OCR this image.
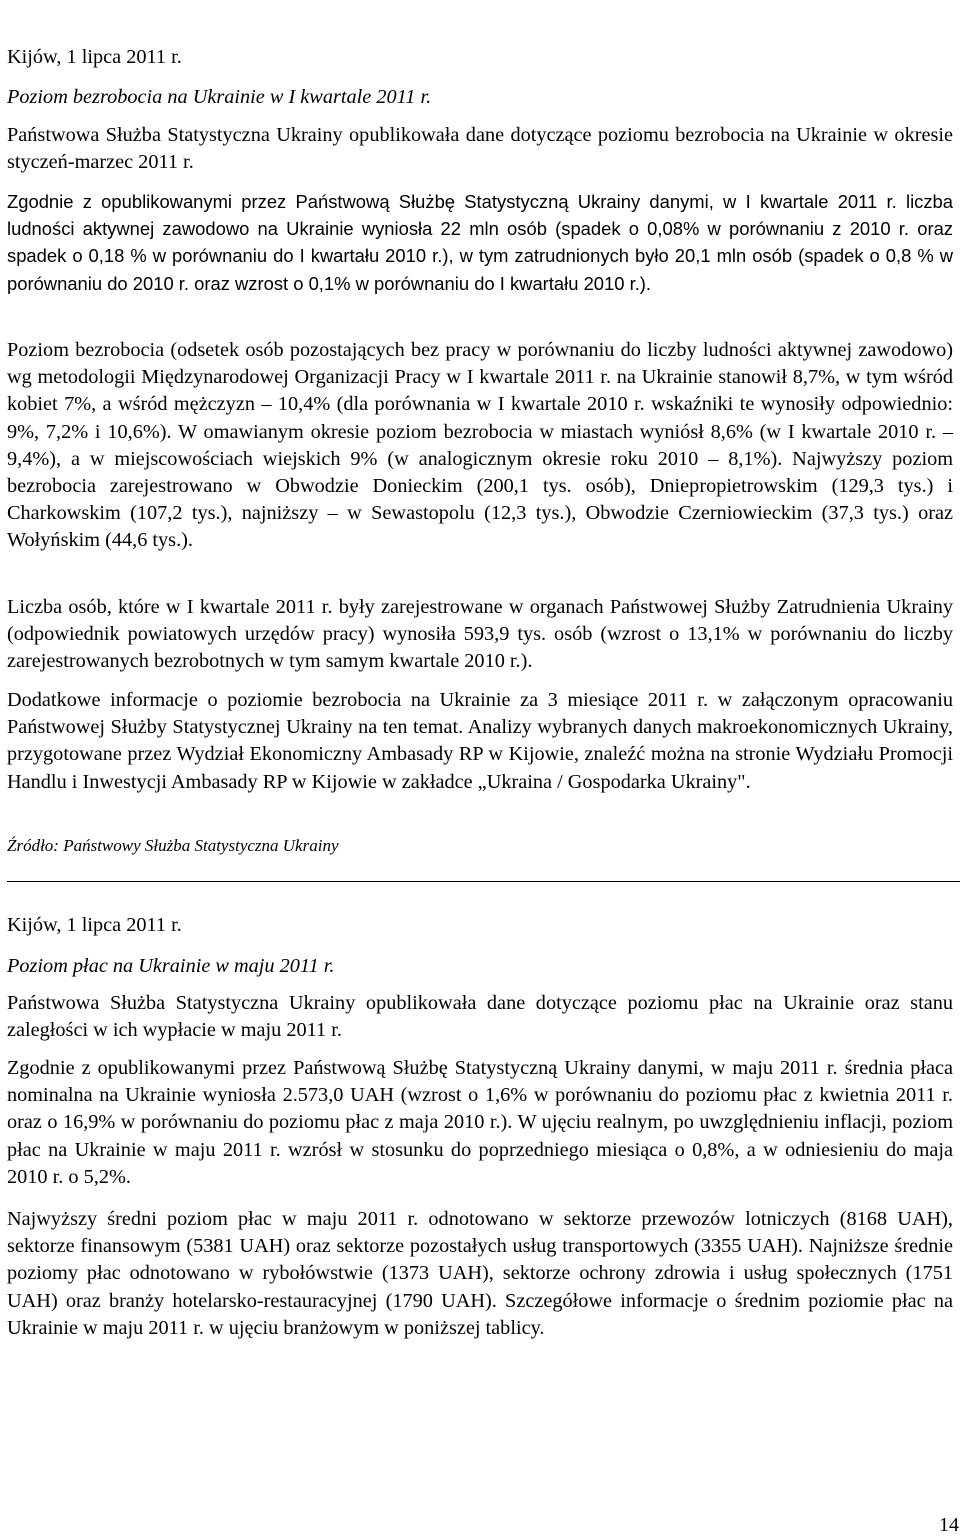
Kijów, 1 lipca 2011 r.
Poziom bezrobocia na Ukrainie w I kwartale 2011 r.
Państwowa Służba Statystyczna Ukrainy opublikowała dane dotyczące poziomu bezrobocia na Ukrainie w okresie styczeń-marzec 2011 r.
Zgodnie z opublikowanymi przez Państwową Służbę Statystyczną Ukrainy danymi, w I kwartale 2011 r. liczba ludności aktywnej zawodowo na Ukrainie wyniosła 22 mln osób (spadek o 0,08% w porównaniu z 2010 r. oraz spadek o 0,18 % w porównaniu do I kwartału 2010 r.), w tym zatrudnionych było 20,1 mln osób (spadek o 0,8 % w porównaniu do 2010 r. oraz wzrost o 0,1% w porównaniu do I kwartału 2010 r.).
Poziom bezrobocia (odsetek osób pozostających bez pracy w porównaniu do liczby ludności aktywnej zawodowo) wg metodologii Międzynarodowej Organizacji Pracy w I kwartale 2011 r. na Ukrainie stanowił 8,7%, w tym wśród kobiet 7%, a wśród mężczyzn – 10,4% (dla porównania w I kwartale 2010 r. wskaźniki te wynosiły odpowiednio: 9%, 7,2% i 10,6%). W omawianym okresie poziom bezrobocia w miastach wyniósł 8,6% (w I kwartale 2010 r. – 9,4%), a w miejscowościach wiejskich 9% (w analogicznym okresie roku 2010 – 8,1%). Najwyższy poziom bezrobocia zarejestrowano w Obwodzie Donieckim (200,1 tys. osób), Dniepropietrowskim (129,3 tys.) i Charkowskim (107,2 tys.), najniższy – w Sewastopolu (12,3 tys.), Obwodzie Czerniowieckim (37,3 tys.) oraz Wołyńskim (44,6 tys.).
Liczba osób, które w I kwartale 2011 r. były zarejestrowane w organach Państwowej Służby Zatrudnienia Ukrainy (odpowiednik powiatowych urzędów pracy) wynosiła 593,9 tys. osób (wzrost o 13,1% w porównaniu do liczby zarejestrowanych bezrobotnych w tym samym kwartale 2010 r.).
Dodatkowe informacje o poziomie bezrobocia na Ukrainie za 3 miesiące 2011 r. w załączonym opracowaniu Państwowej Służby Statystycznej Ukrainy na ten temat. Analizy wybranych danych makroekonomicznych Ukrainy, przygotowane przez Wydział Ekonomiczny Ambasady RP w Kijowie, znaleźć można na stronie Wydziału Promocji Handlu i Inwestycji Ambasady RP w Kijowie w zakładce „Ukraina / Gospodarka Ukrainy".
Źródło: Państwowy Służba Statystyczna Ukrainy
Kijów, 1 lipca 2011 r.
Poziom płac na Ukrainie w maju 2011 r.
Państwowa Służba Statystyczna Ukrainy opublikowała dane dotyczące poziomu płac na Ukrainie oraz stanu zaległości w ich wypłacie w maju 2011 r.
Zgodnie z opublikowanymi przez Państwową Służbę Statystyczną Ukrainy danymi, w maju 2011 r. średnia płaca nominalna na Ukrainie wyniosła 2.573,0 UAH (wzrost o 1,6% w porównaniu do poziomu płac z kwietnia 2011 r. oraz o 16,9% w porównaniu do poziomu płac z maja 2010 r.). W ujęciu realnym, po uwzględnieniu inflacji, poziom płac na Ukrainie w maju 2011 r. wzrósł w stosunku do poprzedniego miesiąca o 0,8%, a w odniesieniu do maja 2010 r. o 5,2%.
Najwyższy średni poziom płac w maju 2011 r. odnotowano w sektorze przewozów lotniczych (8168 UAH), sektorze finansowym (5381 UAH) oraz sektorze pozostałych usług transportowych (3355 UAH). Najniższe średnie poziomy płac odnotowano w rybołówstwie (1373 UAH), sektorze ochrony zdrowia i usług społecznych (1751 UAH) oraz branży hotelarsko-restauracyjnej (1790 UAH). Szczegółowe informacje o średnim poziomie płac na Ukrainie w maju 2011 r. w ujęciu branżowym w poniższej tablicy.
14
